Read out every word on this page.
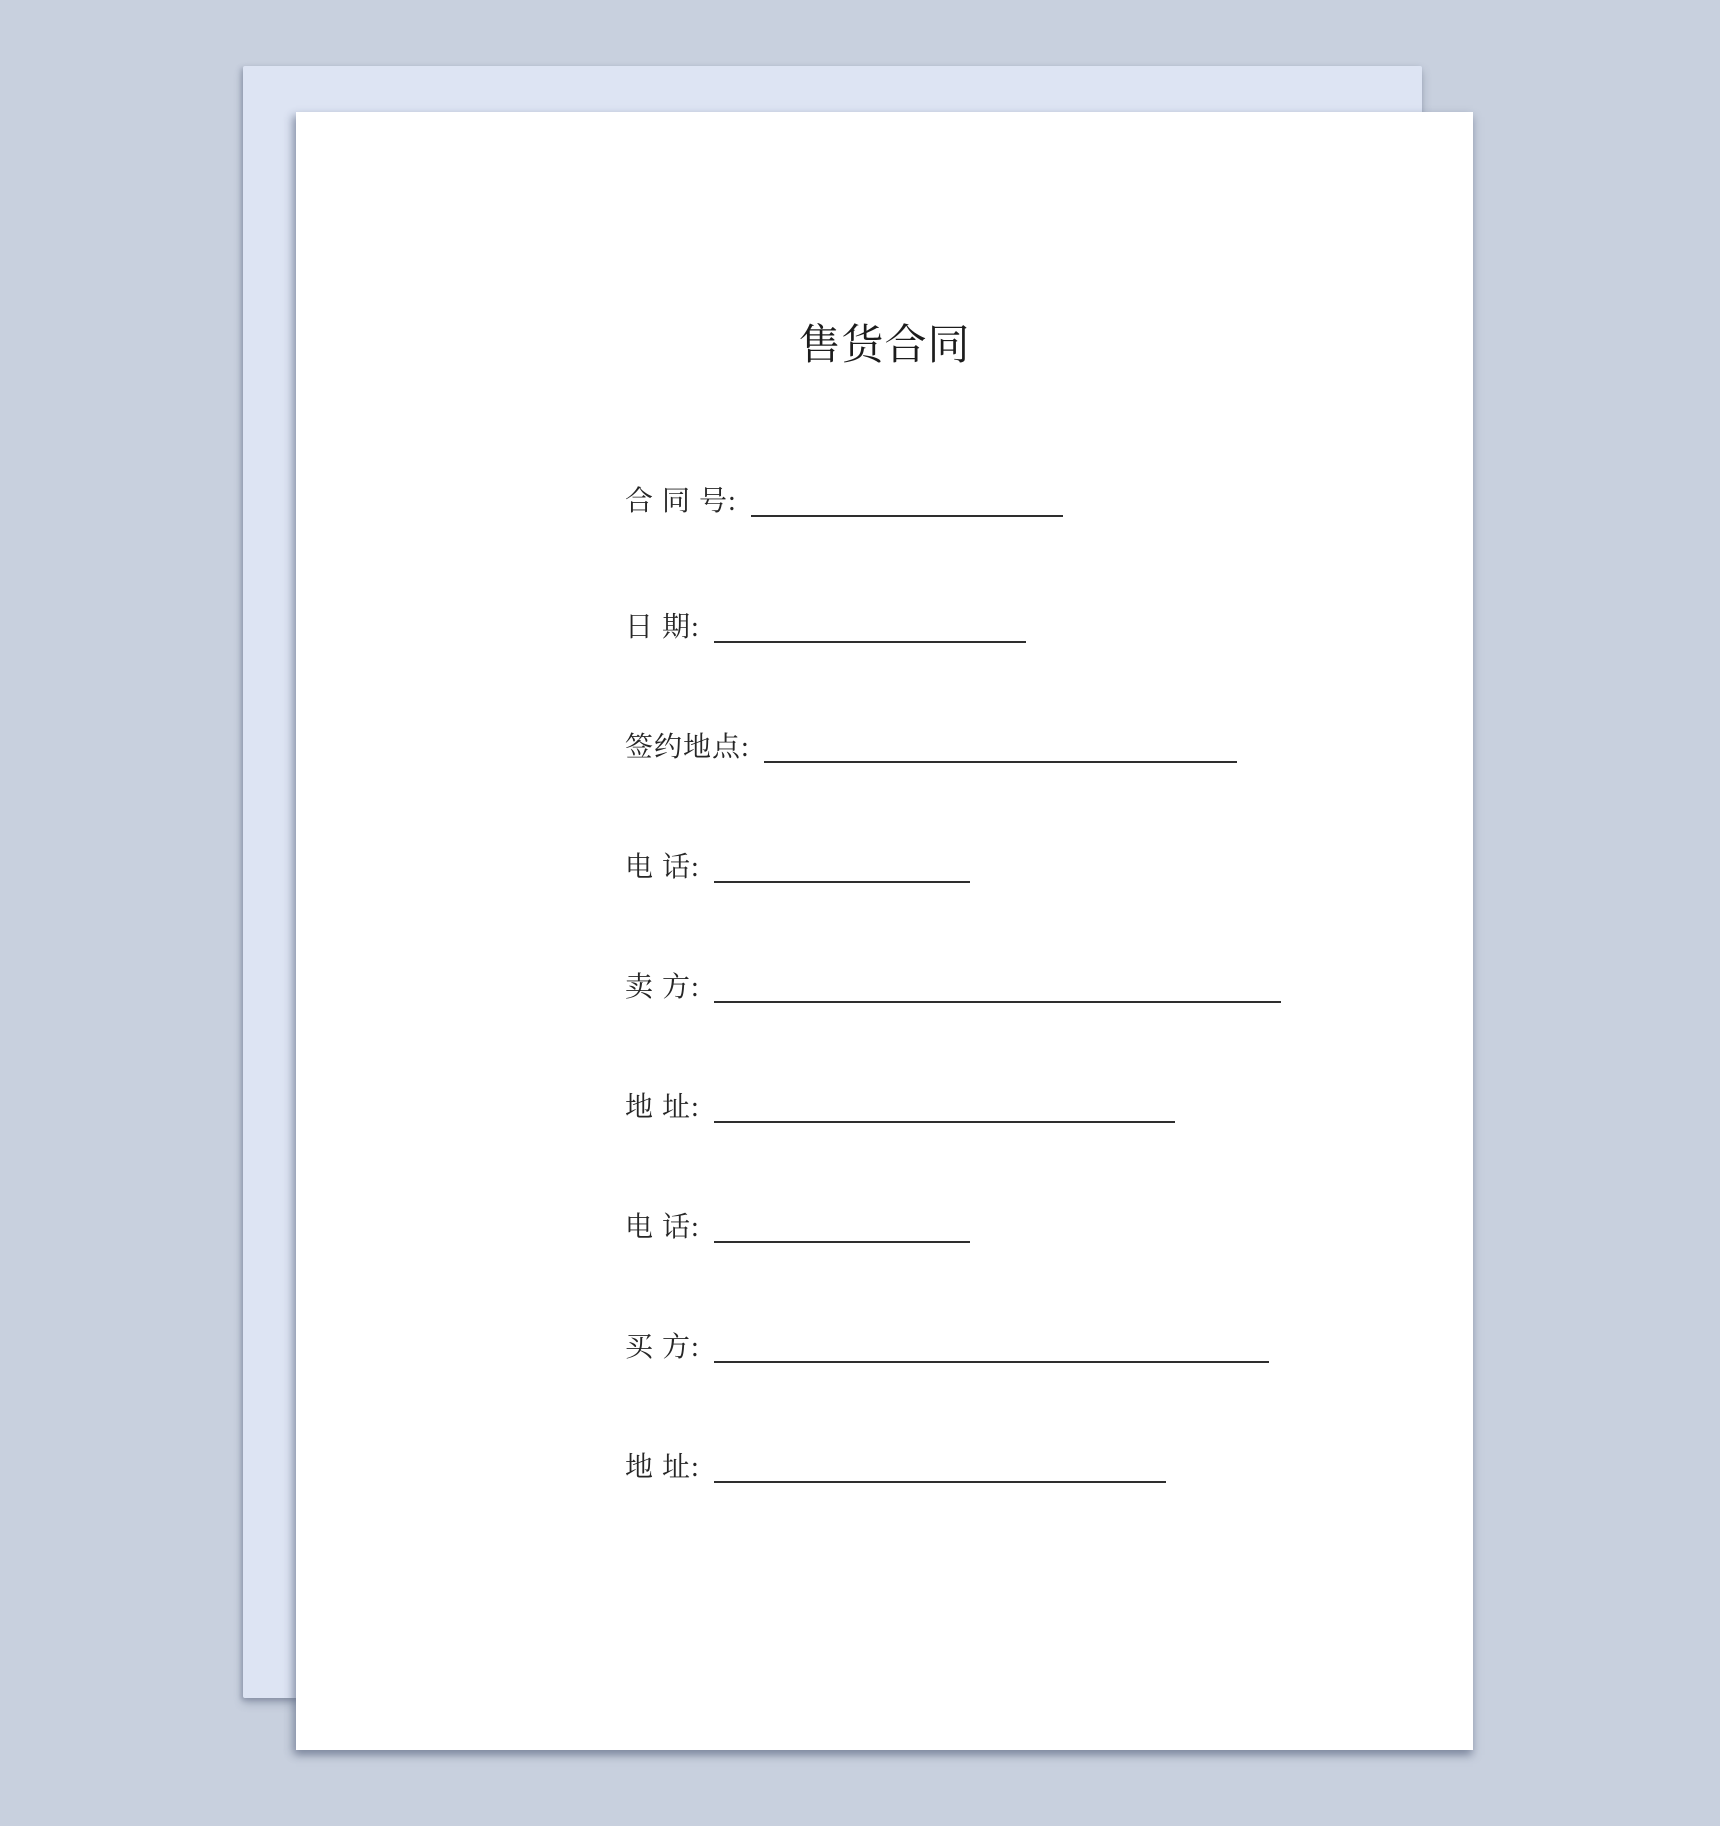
售货合同
合 同 号:
日 期:
签约地点:
电 话:
卖 方:
地 址:
电 话:
买 方:
地 址:
